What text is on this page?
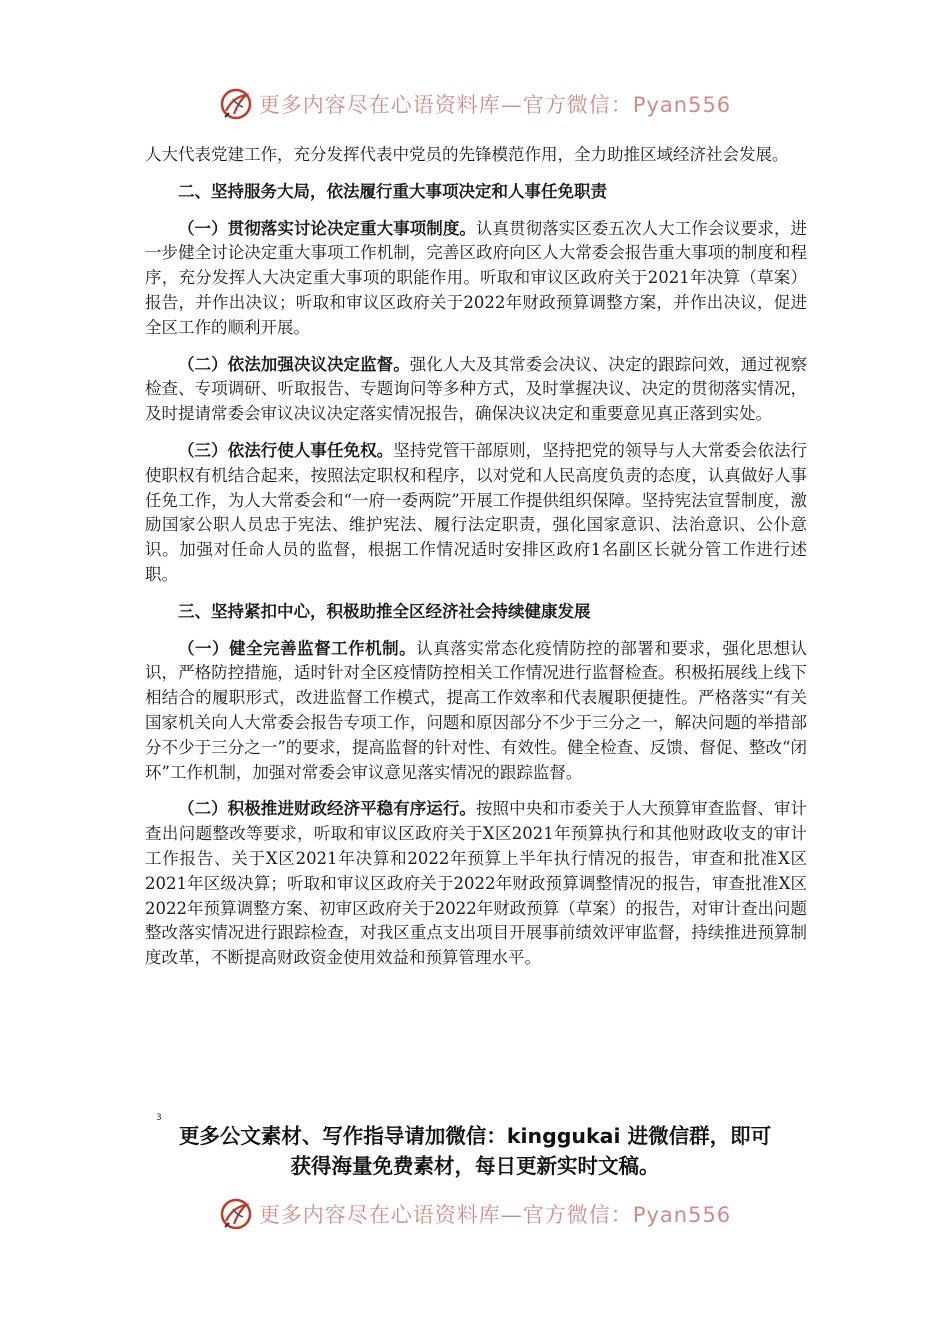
更多内容尽在心语资料库—官方微信：Pyan556

人大代表党建工作，充分发挥代表中党员的先锋模范作用，全力助推区域经济社会发展。

二、坚持服务大局，依法履行重大事项决定和人事任免职责

（一）贯彻落实讨论决定重大事项制度。认真贯彻落实区委五次人大工作会议要求，进一步健全讨论决定重大事项工作机制，完善区政府向区人大常委会报告重大事项的制度和程序，充分发挥人大决定重大事项的职能作用。听取和审议区政府关于2021年决算（草案）报告，并作出决议；听取和审议区政府关于2022年财政预算调整方案，并作出决议，促进全区工作的顺利开展。

（二）依法加强决议决定监督。强化人大及其常委会决议、决定的跟踪问效，通过视察检查、专项调研、听取报告、专题询问等多种方式，及时掌握决议、决定的贯彻落实情况，及时提请常委会审议决议决定落实情况报告，确保决议决定和重要意见真正落到实处。

（三）依法行使人事任免权。坚持党管干部原则，坚持把党的领导与人大常委会依法行使职权有机结合起来，按照法定职权和程序，以对党和人民高度负责的态度，认真做好人事任免工作，为人大常委会和“一府一委两院”开展工作提供组织保障。坚持宪法宣誓制度，激励国家公职人员忠于宪法、维护宪法、履行法定职责，强化国家意识、法治意识、公仆意识。加强对任命人员的监督，根据工作情况适时安排区政府1名副区长就分管工作进行述职。

三、坚持紧扣中心，积极助推全区经济社会持续健康发展

（一）健全完善监督工作机制。认真落实常态化疫情防控的部署和要求，强化思想认识，严格防控措施，适时针对全区疫情防控相关工作情况进行监督检查。积极拓展线上线下相结合的履职形式，改进监督工作模式，提高工作效率和代表履职便捷性。严格落实“有关国家机关向人大常委会报告专项工作，问题和原因部分不少于三分之一，解决问题的举措部分不少于三分之一”的要求，提高监督的针对性、有效性。健全检查、反馈、督促、整改“闭环”工作机制，加强对常委会审议意见落实情况的跟踪监督。

（二）积极推进财政经济平稳有序运行。按照中央和市委关于人大预算审查监督、审计查出问题整改等要求，听取和审议区政府关于X区2021年预算执行和其他财政收支的审计工作报告、关于X区2021年决算和2022年预算上半年执行情况的报告，审查和批准X区2021年区级决算；听取和审议区政府关于2022年财政预算调整情况的报告，审查批准X区2022年预算调整方案、初审区政府关于2022年财政预算（草案）的报告，对审计查出问题整改落实情况进行跟踪检查，对我区重点支出项目开展事前绩效评审监督，持续推进预算制度改革，不断提高财政资金使用效益和预算管理水平。

3
更多公文素材、写作指导请加微信：kinggukai 进微信群，即可
获得海量免费素材，每日更新实时文稿。
更多内容尽在心语资料库—官方微信：Pyan556
